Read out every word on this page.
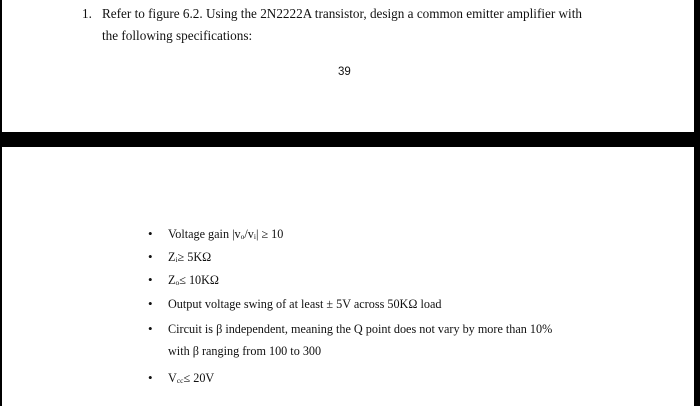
1. Refer to figure 6.2. Using the 2N2222A transistor, design a common emitter amplifier with
the following specifications:
39
• Voltage gain $|v_o/v_i| \ge 10$
• $Z_i\ge 5K\Omega$
• $Z_o\le 10K\Omega$
• Output voltage swing of at least ± 5V across 50KΩ load
• Circuit is β independent, meaning the Q point does not vary by more than 10%
with β ranging from 100 to 300
• $V_{cc}\le 20V$
